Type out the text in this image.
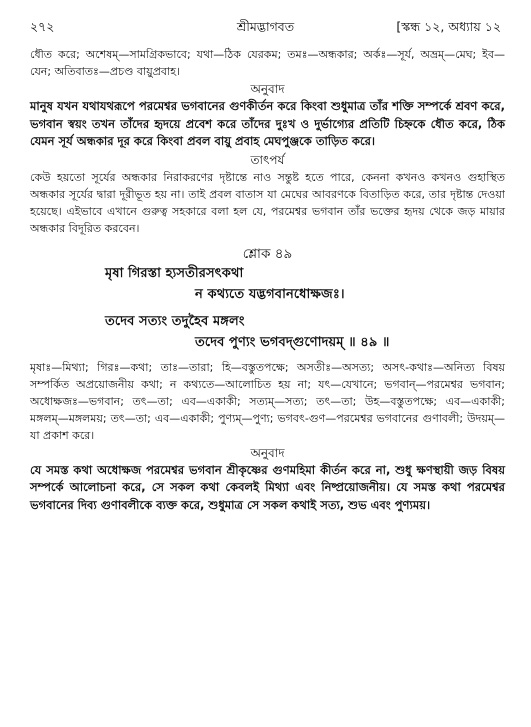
২৭২	শ্রীমদ্ভাগবত	[স্কন্ধ ১২, অধ্যায় ১২

ধৌত করে; অশেষম্—সামগ্রিকভাবে; যথা—ঠিক যেরকম; তমঃ—অন্ধকার; অর্কঃ—সূর্য, অভ্রম্—মেঘ; ইব—যেন; অতিবাতঃ—প্রচণ্ড বায়ুপ্রবাহ।

অনুবাদ

মানুষ যখন যথাযথরূপে পরমেশ্বর ভগবানের গুণকীর্তন করে কিংবা শুধুমাত্র তাঁর শক্তি সম্পর্কে শ্রবণ করে, ভগবান স্বয়ং তখন তাঁদের হৃদয়ে প্রবেশ করে তাঁদের দুঃখ ও দুর্ভাগ্যের প্রতিটি চিহ্নকে ধৌত করে, ঠিক যেমন সূর্য অন্ধকার দূর করে কিংবা প্রবল বায়ু প্রবাহ মেঘপুঞ্জকে তাড়িত করে।

তাৎপর্য

কেউ হয়তো সূর্যের অন্ধকার নিরাকরণের দৃষ্টান্তে নাও সন্তুষ্ট হতে পারে, কেননা কখনও কখনও গুহাস্থিত অন্ধকার সূর্যের দ্বারা দূরীভূত হয় না। তাই প্রবল বাতাস যা মেঘের আবরণকে বিতাড়িত করে, তার দৃষ্টান্ত দেওয়া হয়েছে। এইভাবে এখানে গুরুত্ব সহকারে বলা হল যে, পরমেশ্বর ভগবান তাঁর ভক্তের হৃদয় থেকে জড় মায়ার অন্ধকার বিদূরিত করবেন।

শ্লোক ৪৯

মৃষা গিরস্তা হ্যসতীরসৎকথা

ন কথ্যতে যদ্ভগবানধোক্ষজঃ।

তদেব সত্যং তদুহৈব মঙ্গলং

তদেব পুণ্যং ভগবদ্গুণোদয়ম্ ॥ ৪৯ ॥

মৃষাঃ—মিথ্যা; গিরঃ—কথা; তাঃ—তারা; হি—বস্তুতপক্ষে; অসতীঃ—অসত্য; অসৎ-কথাঃ—অনিত্য বিষয় সম্পর্কিত অপ্রয়োজনীয় কথা; ন কথ্যতে—আলোচিত হয় না; যৎ—যেখানে; ভগবান্—পরমেশ্বর ভগবান; অধোক্ষজঃ—ভগবান; তৎ—তা; এব—একাকী; সত্যম্—সত্য; তৎ—তা; উহ—বস্তুতপক্ষে; এব—একাকী; মঙ্গলম্—মঙ্গলময়; তৎ—তা; এব—একাকী; পুণ্যম্—পুণ্য; ভগবৎ-গুণ—পরমেশ্বর ভগবানের গুণাবলী; উদয়ম্—যা প্রকাশ করে।

অনুবাদ

যে সমস্ত কথা অধোক্ষজ পরমেশ্বর ভগবান শ্রীকৃষ্ণের গুণমহিমা কীর্তন করে না, শুধু ক্ষণস্থায়ী জড় বিষয় সম্পর্কে আলোচনা করে, সে সকল কথা কেবলই মিথ্যা এবং নিষ্প্রয়োজনীয়। যে সমস্ত কথা পরমেশ্বর ভগবানের দিব্য গুণাবলীকে ব্যক্ত করে, শুধুমাত্র সে সকল কথাই সত্য, শুভ এবং পুণ্যময়।
